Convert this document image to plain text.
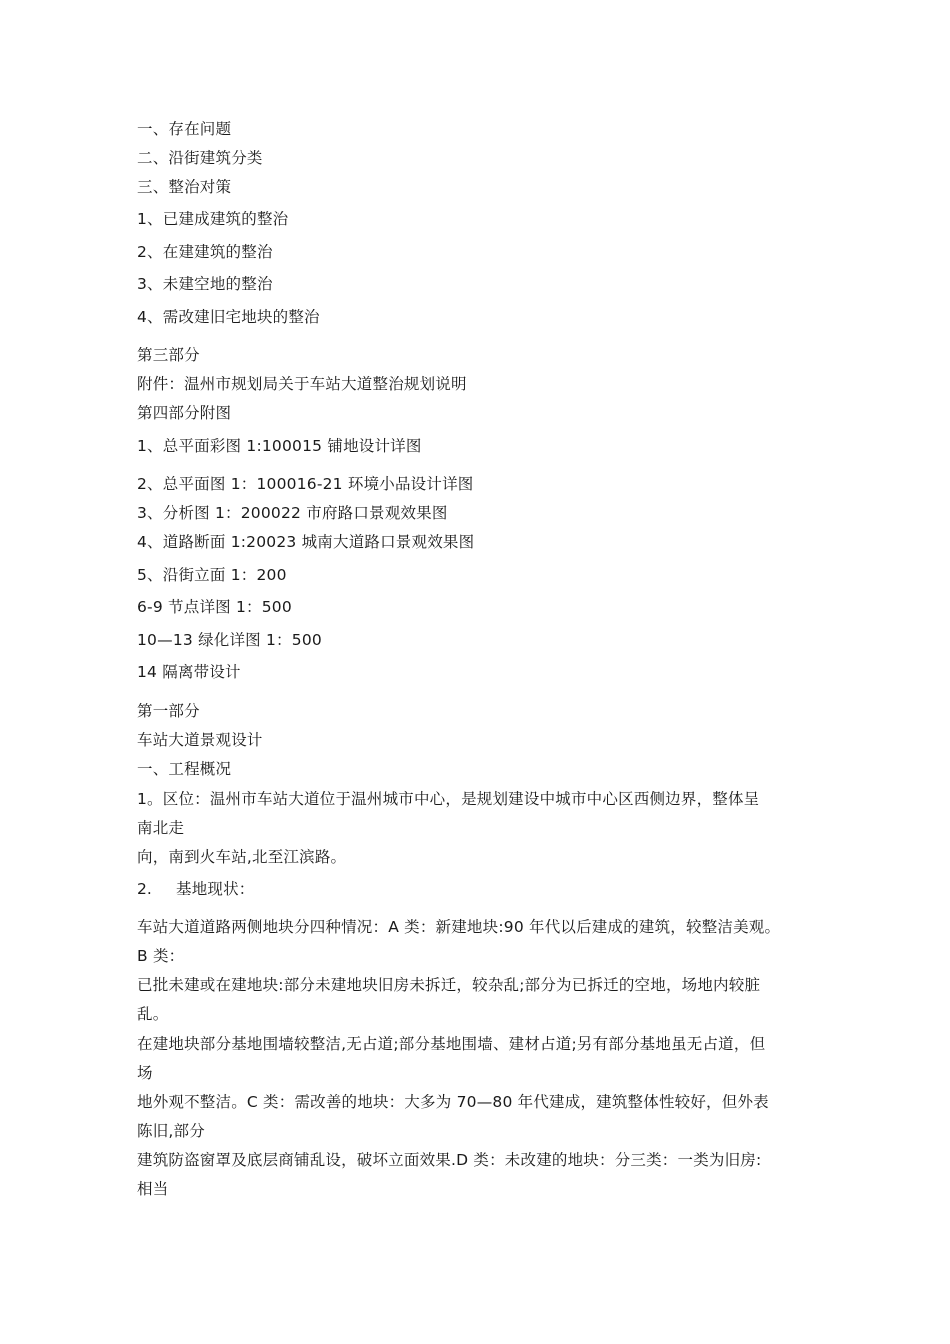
一、存在问题
二、沿街建筑分类
三、整治对策
1、已建成建筑的整治
2、在建建筑的整治
3、未建空地的整治
4、需改建旧宅地块的整治
第三部分
附件：温州市规划局关于车站大道整治规划说明
第四部分附图
1、总平面彩图 1:100015 铺地设计详图
2、总平面图 1：100016-21 环境小品设计详图
3、分析图 1：200022 市府路口景观效果图
4、道路断面 1:20023 城南大道路口景观效果图
5、沿街立面 1：200
6-9 节点详图 1：500
10—13 绿化详图 1：500
14 隔离带设计
第一部分
车站大道景观设计
一、工程概况
1。区位：温州市车站大道位于温州城市中心，是规划建设中城市中心区西侧边界，整体呈
南北走
向，南到火车站,北至江滨路。
2. 基地现状：
车站大道道路两侧地块分四种情况：A 类：新建地块:90 年代以后建成的建筑，较整洁美观。
B 类：
已批未建或在建地块:部分未建地块旧房未拆迁，较杂乱;部分为已拆迁的空地，场地内较脏
乱。
在建地块部分基地围墙较整洁,无占道;部分基地围墙、建材占道;另有部分基地虽无占道，但
场
地外观不整洁。C 类：需改善的地块：大多为 70—80 年代建成，建筑整体性较好，但外表
陈旧,部分
建筑防盗窗罩及底层商铺乱设，破坏立面效果.D 类：未改建的地块：分三类：一类为旧房:
相当
